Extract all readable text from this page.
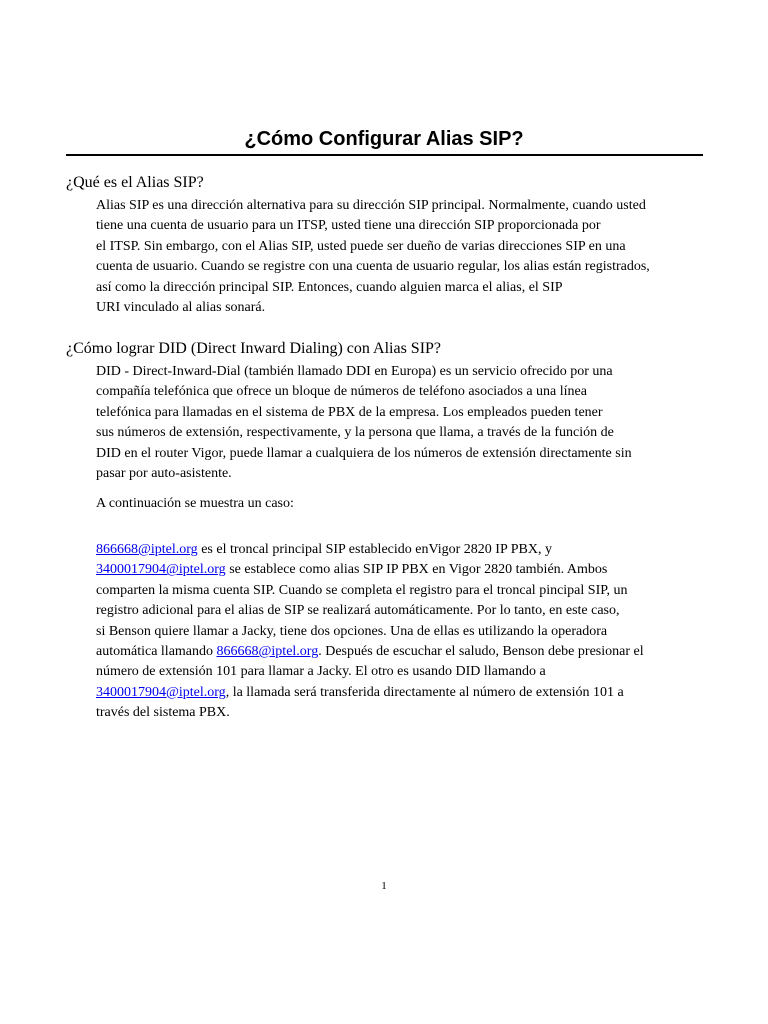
¿Cómo Configurar Alias SIP?
¿Qué es el Alias SIP?
Alias SIP es una dirección alternativa para su dirección SIP principal. Normalmente, cuando usted
tiene una cuenta de usuario para un ITSP, usted tiene una dirección SIP proporcionada por
el ITSP. Sin embargo, con el Alias SIP, usted puede ser dueño de varias direcciones SIP en una
cuenta de usuario. Cuando se registre con una cuenta de usuario regular, los alias están registrados,
así como la dirección principal SIP. Entonces, cuando alguien marca el alias, el SIP
URI vinculado al alias sonará.
¿Cómo lograr DID (Direct Inward Dialing) con Alias SIP?
DID - Direct-Inward-Dial (también llamado DDI en Europa) es un servicio ofrecido por una
compañía telefónica que ofrece un bloque de números de teléfono asociados a una línea
telefónica para llamadas en el sistema de PBX de la empresa. Los empleados pueden tener
sus números de extensión, respectivamente, y la persona que llama, a través de la función de
DID en el router Vigor, puede llamar a cualquiera de los números de extensión directamente sin
pasar por auto-asistente.
A continuación se muestra un caso:
866668@iptel.org es el troncal principal SIP establecido enVigor 2820 IP PBX, y
3400017904@iptel.org se establece como alias SIP IP PBX en Vigor 2820 también. Ambos
comparten la misma cuenta SIP. Cuando se completa el registro para el troncal pincipal SIP, un
registro adicional para el alias de SIP se realizará automáticamente. Por lo tanto, en este caso,
si Benson quiere llamar a Jacky, tiene dos opciones. Una de ellas es utilizando la operadora
automática llamando 866668@iptel.org. Después de escuchar el saludo, Benson debe presionar el
número de extensión 101 para llamar a Jacky. El otro es usando DID llamando a
3400017904@iptel.org, la llamada será transferida directamente al número de extensión 101 a
través del sistema PBX.
1
